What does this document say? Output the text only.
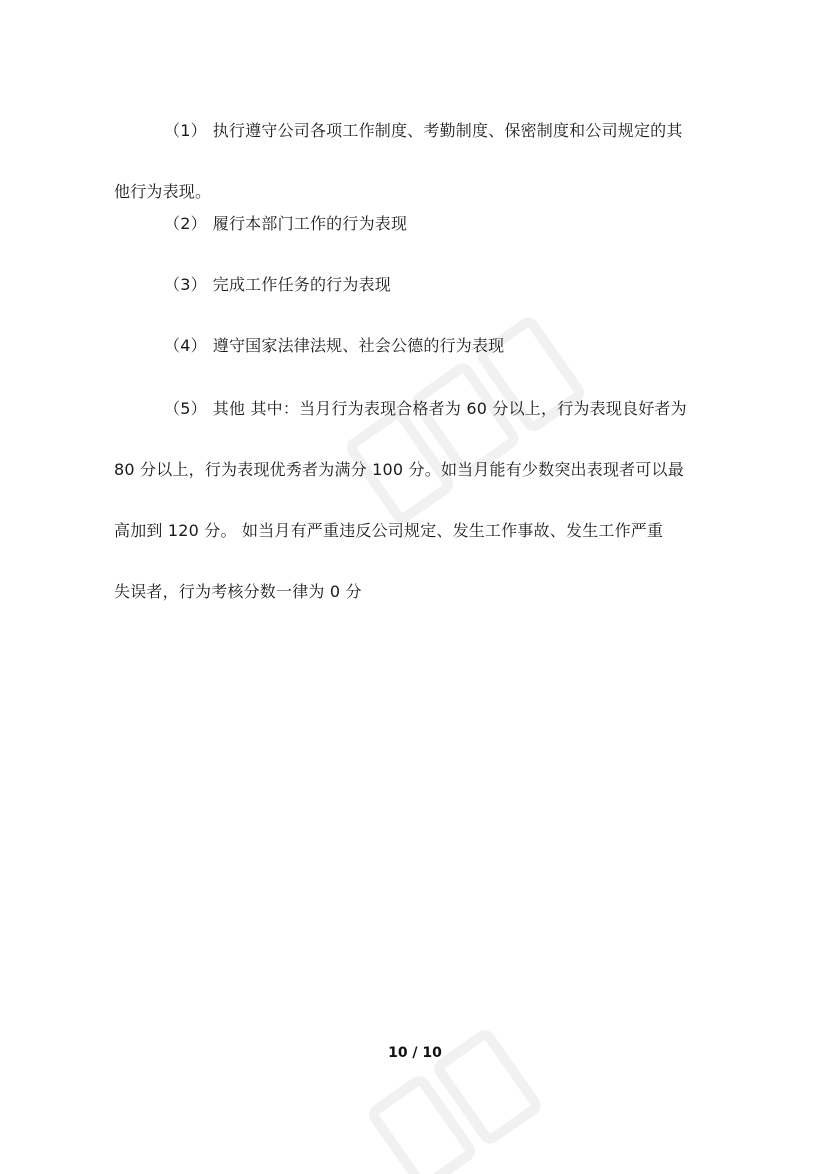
（1） 执行遵守公司各项工作制度、考勤制度、保密制度和公司规定的其
他行为表现。
（2） 履行本部门工作的行为表现
（3） 完成工作任务的行为表现
（4） 遵守国家法律法规、社会公德的行为表现
（5） 其他 其中：当月行为表现合格者为 60 分以上，行为表现良好者为
80 分以上，行为表现优秀者为满分 100 分。如当月能有少数突出表现者可以最
高加到 120 分。 如当月有严重违反公司规定、发生工作事故、发生工作严重
失误者，行为考核分数一律为 0 分
10 / 10
